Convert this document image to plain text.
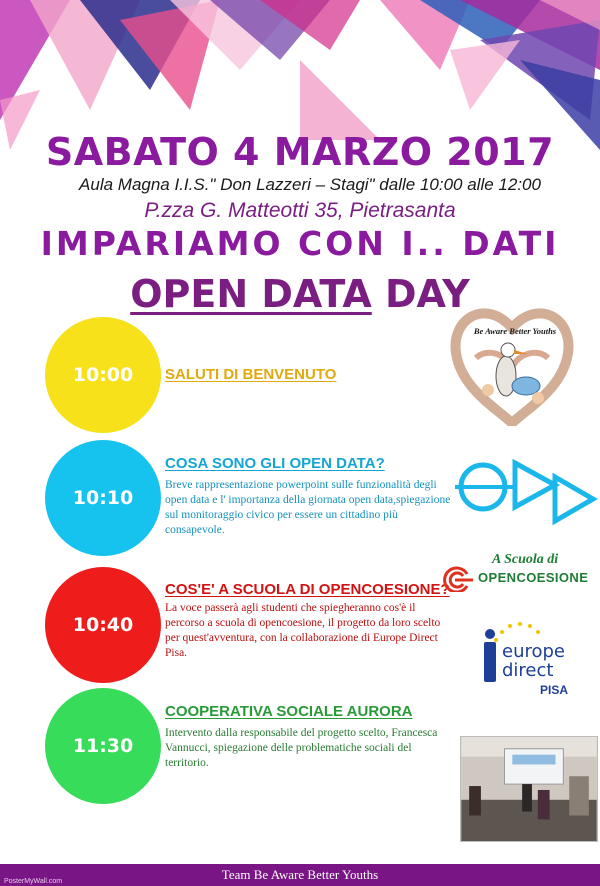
SABATO 4 MARZO 2017
Aula Magna I.I.S." Don Lazzeri – Stagi" dalle 10:00 alle 12:00
P.zza G. Matteotti 35, Pietrasanta
IMPARIAMO CON I.. DATI
OPEN DATA DAY
10:00	SALUTI DI BENVENUTO
10:10
COSA SONO GLI OPEN DATA?
Breve rappresentazione powerpoint sulle funzionalità degli open data e l' importanza della giornata open data,spiegazione sul monitoraggio civico per essere un cittadino più consapevole.
10:40
COS'E' A SCUOLA DI OPENCOESIONE?
La voce passerà agli studenti che spiegheranno cos'è il percorso a scuola di opencoesione, il progetto da loro scelto per quest'avventura, con la collaborazione di Europe Direct Pisa.
11:30
COOPERATIVA SOCIALE AURORA
Intervento dalla responsabile del progetto scelto, Francesca Vannucci, spiegazione delle problematiche sociali del territorio.
Be Aware Better Youths
A Scuola di
OPENCOESIONE
europe
direct
PISA
Team Be Aware Better Youths
PosterMyWall.com
